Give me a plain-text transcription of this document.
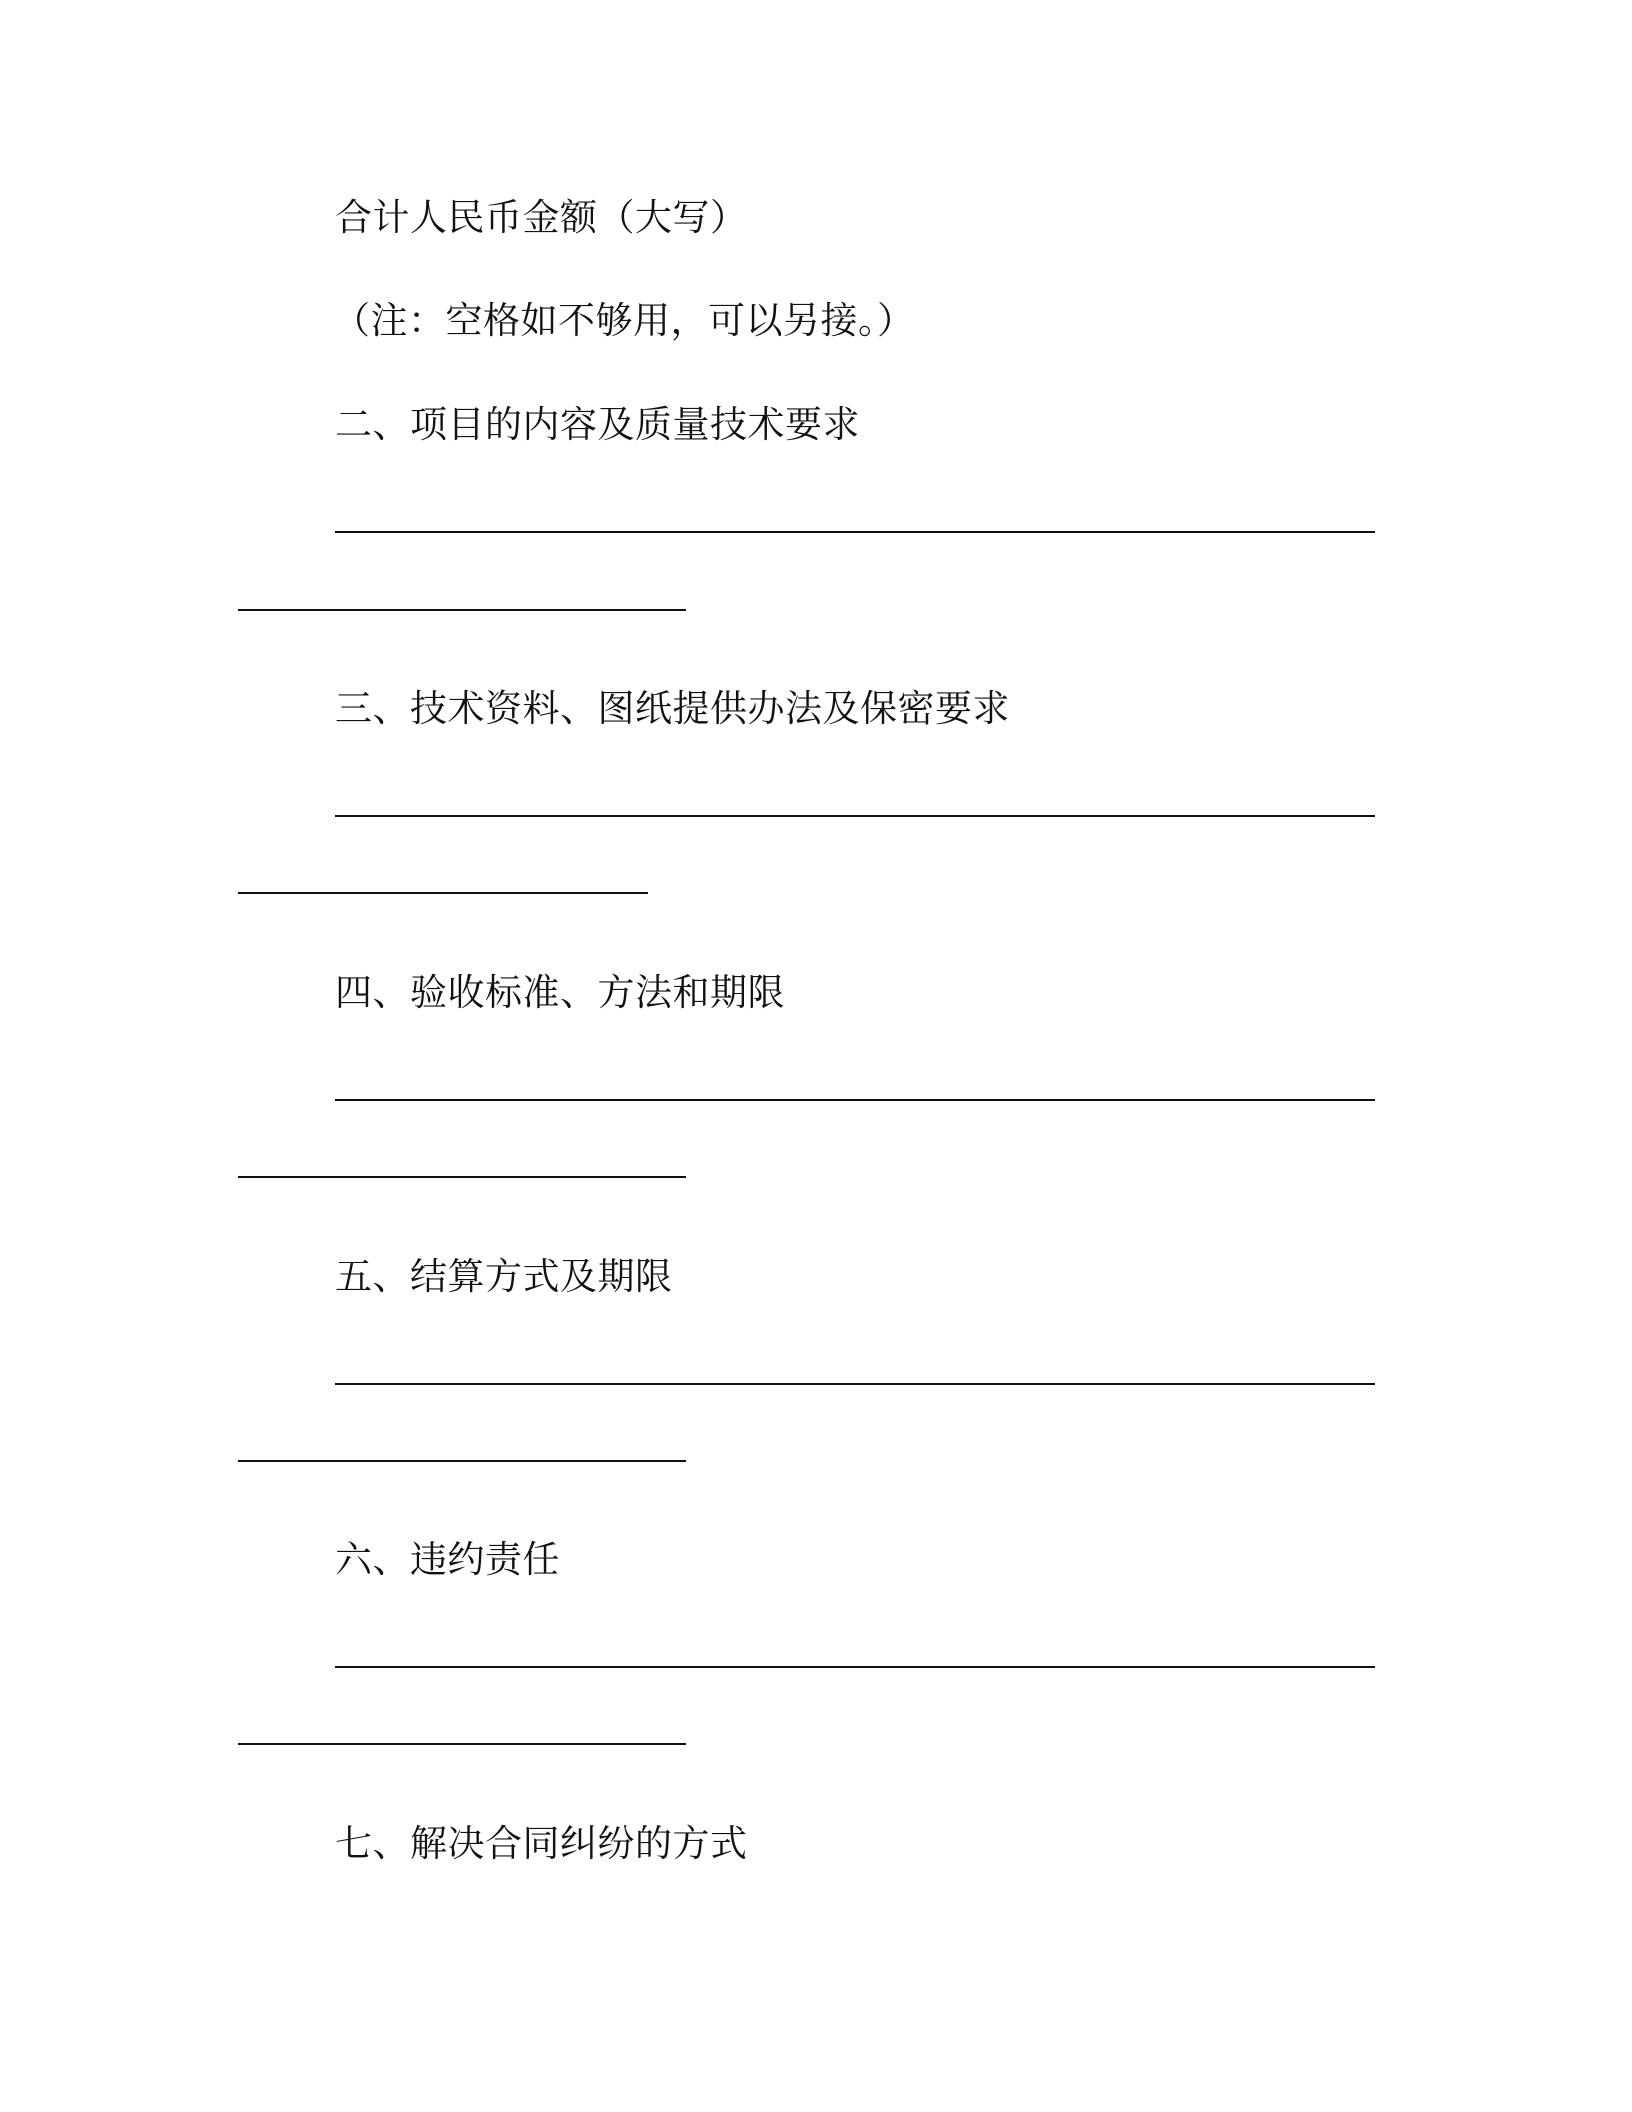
合计人民币金额（大写）
（注：空格如不够用，可以另接。）
二、项目的内容及质量技术要求
三、技术资料、图纸提供办法及保密要求
四、验收标准、方法和期限
五、结算方式及期限
六、违约责任
七、解决合同纠纷的方式
